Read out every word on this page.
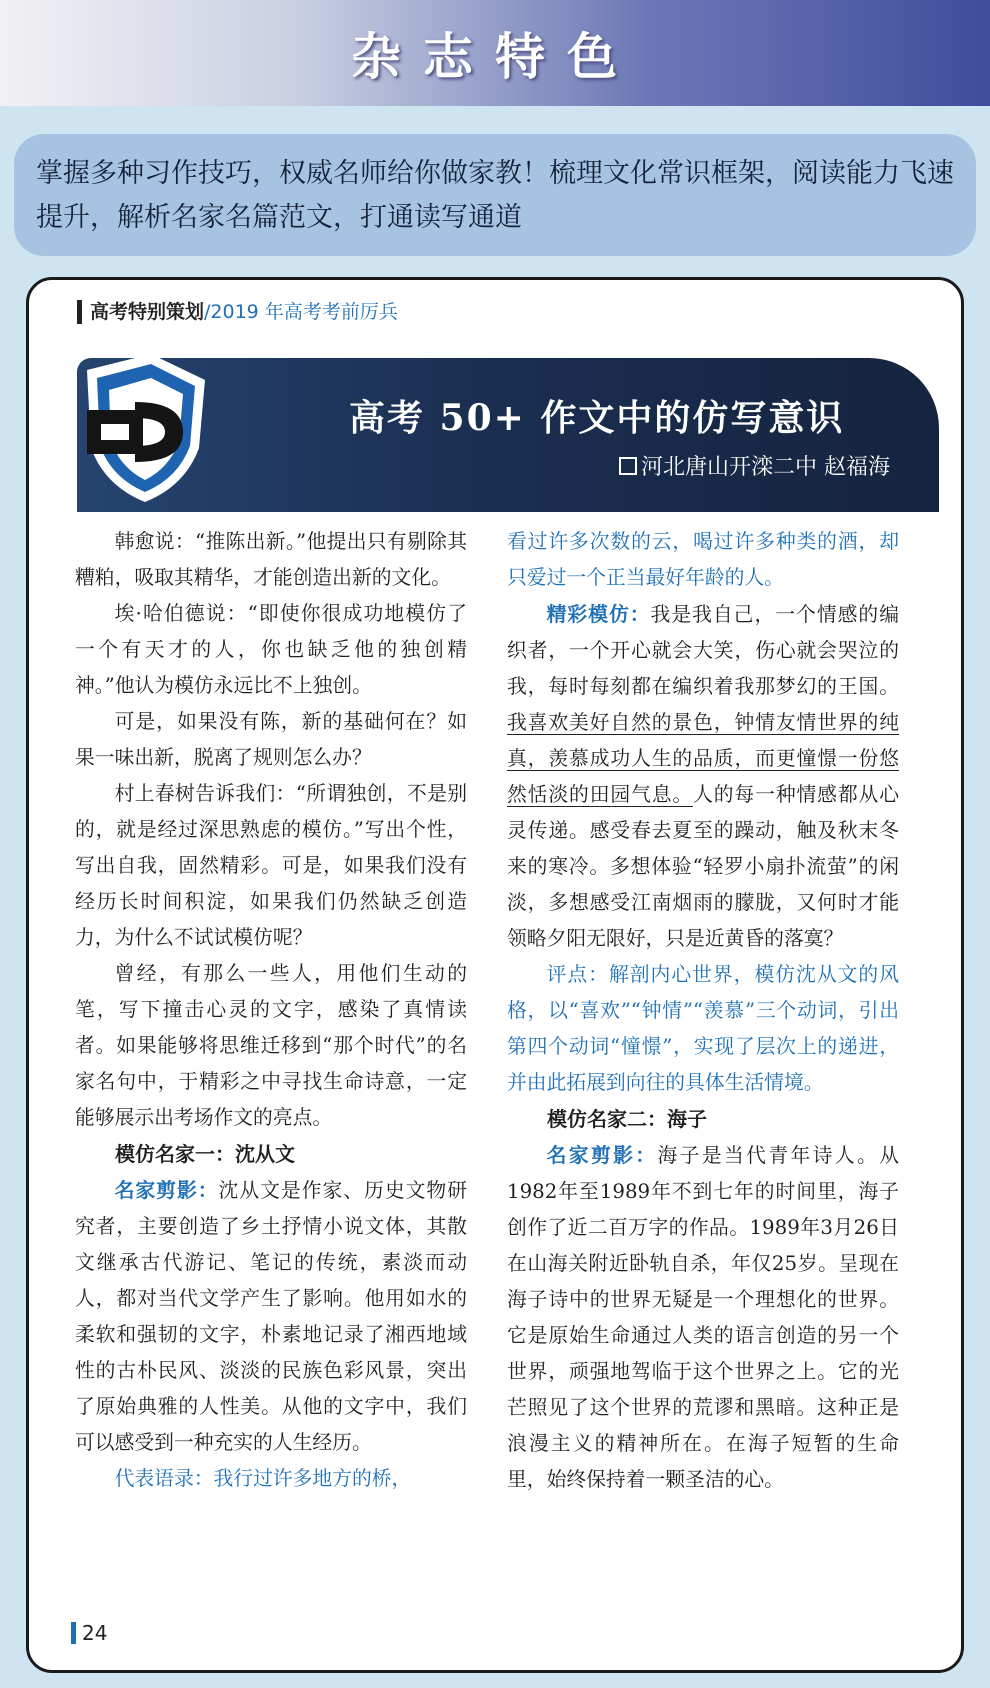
杂志特色
掌握多种习作技巧，权威名师给你做家教！梳理文化常识框架，阅读能力飞速提升，解析名家名篇范文，打通读写通道
高考特别策划/2019 年高考考前厉兵
高考 50+ 作文中的仿写意识
河北唐山开滦二中 赵福海

韩愈说：“推陈出新。”他提出只有剔除其糟粕，吸取其精华，才能创造出新的文化。

埃·哈伯德说：“即使你很成功地模仿了一个有天才的人，你也缺乏他的独创精神。”他认为模仿永远比不上独创。

可是，如果没有陈，新的基础何在？如果一味出新，脱离了规则怎么办？

村上春树告诉我们：“所谓独创，不是别的，就是经过深思熟虑的模仿。”写出个性，写出自我，固然精彩。可是，如果我们没有经历长时间积淀，如果我们仍然缺乏创造力，为什么不试试模仿呢？

曾经，有那么一些人，用他们生动的笔，写下撞击心灵的文字，感染了真情读者。如果能够将思维迁移到“那个时代”的名家名句中，于精彩之中寻找生命诗意，一定能够展示出考场作文的亮点。

模仿名家一：沈从文

名家剪影：沈从文是作家、历史文物研究者，主要创造了乡土抒情小说文体，其散文继承古代游记、笔记的传统，素淡而动人，都对当代文学产生了影响。他用如水的柔软和强韧的文字，朴素地记录了湘西地域性的古朴民风、淡淡的民族色彩风景，突出了原始典雅的人性美。从他的文字中，我们可以感受到一种充实的人生经历。

代表语录：我行过许多地方的桥，

看过许多次数的云，喝过许多种类的酒，却只爱过一个正当最好年龄的人。

精彩模仿：我是我自己，一个情感的编织者，一个开心就会大笑，伤心就会哭泣的我，每时每刻都在编织着我那梦幻的王国。我喜欢美好自然的景色，钟情友情世界的纯真，羡慕成功人生的品质，而更憧憬一份悠然恬淡的田园气息。人的每一种情感都从心灵传递。感受春去夏至的躁动，触及秋末冬来的寒冷。多想体验“轻罗小扇扑流萤”的闲淡，多想感受江南烟雨的朦胧，又何时才能领略夕阳无限好，只是近黄昏的落寞？

评点：解剖内心世界，模仿沈从文的风格，以“喜欢”“钟情”“羡慕”三个动词，引出第四个动词“憧憬”，实现了层次上的递进，并由此拓展到向往的具体生活情境。

模仿名家二：海子

名家剪影：海子是当代青年诗人。从1982年至1989年不到七年的时间里，海子创作了近二百万字的作品。1989年3月26日在山海关附近卧轨自杀，年仅25岁。呈现在海子诗中的世界无疑是一个理想化的世界。它是原始生命通过人类的语言创造的另一个世界，顽强地驾临于这个世界之上。它的光芒照见了这个世界的荒谬和黑暗。这种正是浪漫主义的精神所在。在海子短暂的生命里，始终保持着一颗圣洁的心。

24
